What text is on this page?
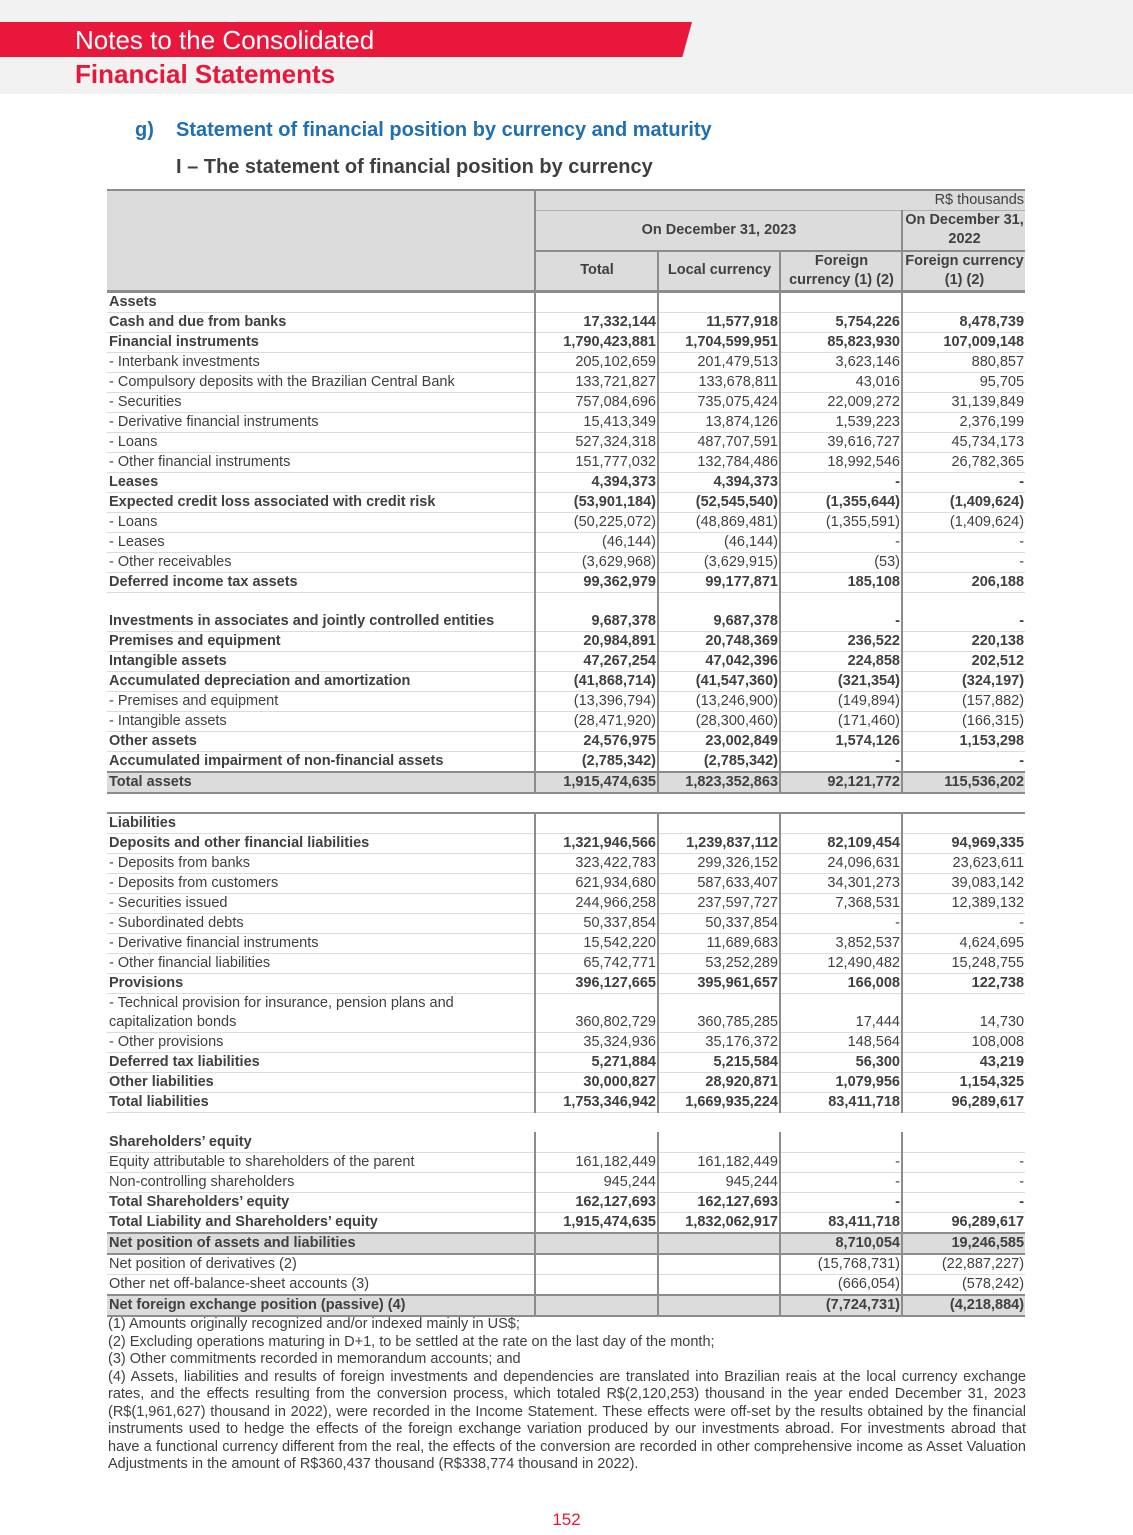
Notes to the Consolidated
Financial Statements
g) Statement of financial position by currency and maturity
I – The statement of financial position by currency
	R$ thousands			
	On December 31, 2023			On December 31, 2022
	Total	Local currency	Foreign currency (1) (2)	Foreign currency (1) (2)
Assets				
Cash and due from banks	17,332,144	11,577,918	5,754,226	8,478,739
Financial instruments	1,790,423,881	1,704,599,951	85,823,930	107,009,148
- Interbank investments	205,102,659	201,479,513	3,623,146	880,857
- Compulsory deposits with the Brazilian Central Bank	133,721,827	133,678,811	43,016	95,705
- Securities	757,084,696	735,075,424	22,009,272	31,139,849
- Derivative financial instruments	15,413,349	13,874,126	1,539,223	2,376,199
- Loans	527,324,318	487,707,591	39,616,727	45,734,173
- Other financial instruments	151,777,032	132,784,486	18,992,546	26,782,365
Leases	4,394,373	4,394,373	-	-
Expected credit loss associated with credit risk	(53,901,184)	(52,545,540)	(1,355,644)	(1,409,624)
- Loans	(50,225,072)	(48,869,481)	(1,355,591)	(1,409,624)
- Leases	(46,144)	(46,144)	-	-
- Other receivables	(3,629,968)	(3,629,915)	(53)	-
Deferred income tax assets	99,362,979	99,177,871	185,108	206,188
Investments in associates and jointly controlled entities	9,687,378	9,687,378	-	-
Premises and equipment	20,984,891	20,748,369	236,522	220,138
Intangible assets	47,267,254	47,042,396	224,858	202,512
Accumulated depreciation and amortization	(41,868,714)	(41,547,360)	(321,354)	(324,197)
- Premises and equipment	(13,396,794)	(13,246,900)	(149,894)	(157,882)
- Intangible assets	(28,471,920)	(28,300,460)	(171,460)	(166,315)
Other assets	24,576,975	23,002,849	1,574,126	1,153,298
Accumulated impairment of non-financial assets	(2,785,342)	(2,785,342)	-	-
Total assets	1,915,474,635	1,823,352,863	92,121,772	115,536,202

Liabilities				
Deposits and other financial liabilities	1,321,946,566	1,239,837,112	82,109,454	94,969,335
- Deposits from banks	323,422,783	299,326,152	24,096,631	23,623,611
- Deposits from customers	621,934,680	587,633,407	34,301,273	39,083,142
- Securities issued	244,966,258	237,597,727	7,368,531	12,389,132
- Subordinated debts	50,337,854	50,337,854	-	-
- Derivative financial instruments	15,542,220	11,689,683	3,852,537	4,624,695
- Other financial liabilities	65,742,771	53,252,289	12,490,482	15,248,755
Provisions	396,127,665	395,961,657	166,008	122,738
- Technical provision for insurance, pension plans and capitalization bonds	360,802,729	360,785,285	17,444	14,730
- Other provisions	35,324,936	35,176,372	148,564	108,008
Deferred tax liabilities	5,271,884	5,215,584	56,300	43,219
Other liabilities	30,000,827	28,920,871	1,079,956	1,154,325
Total liabilities	1,753,346,942	1,669,935,224	83,411,718	96,289,617

Shareholders’ equity				
Equity attributable to shareholders of the parent	161,182,449	161,182,449	-	-
Non-controlling shareholders	945,244	945,244	-	-
Total Shareholders’ equity	162,127,693	162,127,693	-	-
Total Liability and Shareholders’ equity	1,915,474,635	1,832,062,917	83,411,718	96,289,617
Net position of assets and liabilities			8,710,054	19,246,585
Net position of derivatives (2)			(15,768,731)	(22,887,227)
Other net off-balance-sheet accounts (3)			(666,054)	(578,242)
Net foreign exchange position (passive) (4)			(7,724,731)	(4,218,884)

(1) Amounts originally recognized and/or indexed mainly in US$;

(2) Excluding operations maturing in D+1, to be settled at the rate on the last day of the month;

(3) Other commitments recorded in memorandum accounts; and

(4) Assets, liabilities and results of foreign investments and dependencies are translated into Brazilian reais at the local currency exchange rates, and the effects resulting from the conversion process, which totaled R$(2,120,253) thousand in the year ended December 31, 2023 (R$(1,961,627) thousand in 2022), were recorded in the Income Statement. These effects were off-set by the results obtained by the financial instruments used to hedge the effects of the foreign exchange variation produced by our investments abroad. For investments abroad that have a functional currency different from the real, the effects of the conversion are recorded in other comprehensive income as Asset Valuation Adjustments in the amount of R$360,437 thousand (R$338,774 thousand in 2022).

152
